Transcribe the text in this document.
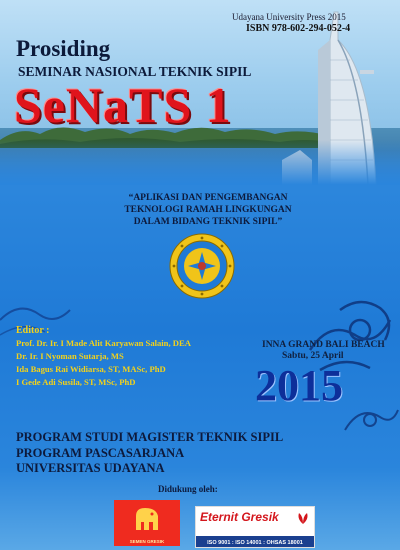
Udayana University Press 2015
ISBN 978-602-294-052-4
Prosiding
SEMINAR NASIONAL TEKNIK SIPIL
SeNaTS 1
“APLIKASI DAN PENGEMBANGAN
TEKNOLOGI RAMAH LINGKUNGAN
DALAM BIDANG TEKNIK SIPIL”
Editor :
Prof. Dr. Ir. I Made Alit Karyawan Salain, DEA
Dr. Ir. I Nyoman Sutarja, MS
Ida Bagus Rai Widiarsa, ST, MASc, PhD
I Gede Adi Susila, ST, MSc, PhD
INNA GRAND BALI BEACH
Sabtu, 25 April
2015
PROGRAM STUDI MAGISTER TEKNIK SIPIL
PROGRAM PASCASARJANA
UNIVERSITAS UDAYANA
Didukung oleh:
SEMEN GRESIK
Eternit Gresik
ISO 9001 : ISO 14001 : OHSAS 18001
